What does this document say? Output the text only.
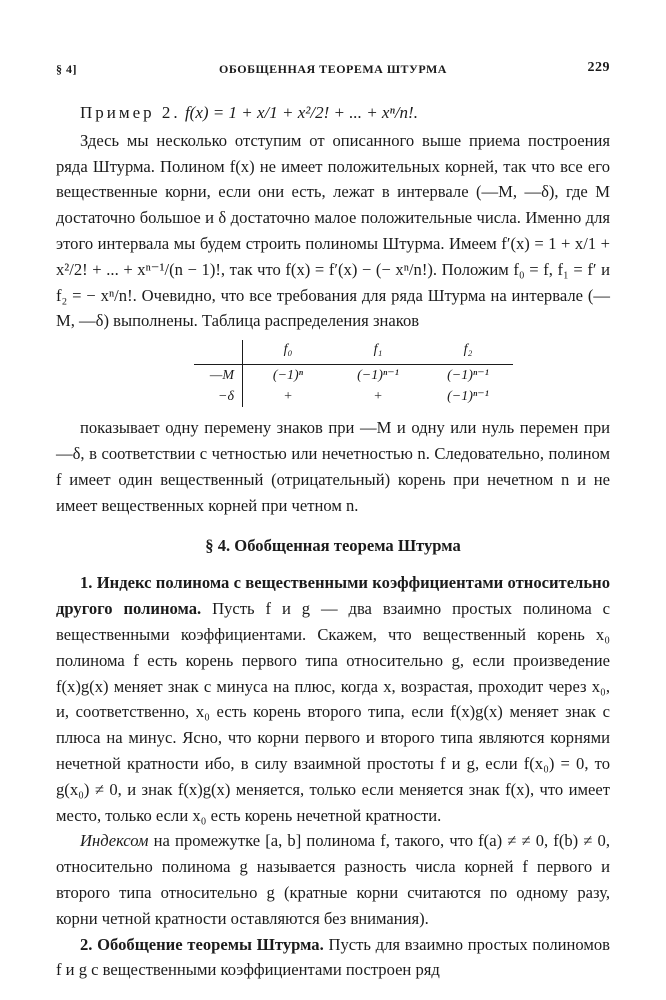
§ 4]	ОБОБЩЕННАЯ ТЕОРЕМА ШТУРМА	229

Пример 2. f(x) = 1 + x/1 + x²/2! + ... + xⁿ/n!.

Здесь мы несколько отступим от описанного выше приема построения ряда Штурма. Полином f(x) не имеет положительных корней, так что все его вещественные корни, если они есть, лежат в интервале (—M, —δ), где M достаточно большое и δ достаточно малое положительные числа. Именно для этого интервала мы будем строить полиномы Штурма. Имеем f′(x) = 1 + x/1 + x²/2! + ... + xⁿ⁻¹/(n − 1)!, так что f(x) = f′(x) − (− xⁿ/n!). Положим f₀ = f, f₁ = f′ и f₂ = − xⁿ/n!. Очевидно, что все требования для ряда Штурма на интервале (—M, —δ) выполнены. Таблица распределения знаков

	f₀	f₁	f₂
—M	(−1)ⁿ	(−1)ⁿ⁻¹	(−1)ⁿ⁻¹
−δ	+	+	(−1)ⁿ⁻¹

показывает одну перемену знаков при —M и одну или нуль перемен при —δ, в соответствии с четностью или нечетностью n. Следовательно, полином f имеет один вещественный (отрицательный) корень при нечетном n и не имеет вещественных корней при четном n.

§ 4. Обобщенная теорема Штурма

1. Индекс полинома с вещественными коэффициентами относительно другого полинома. Пусть f и g — два взаимно простых полинома с вещественными коэффициентами. Скажем, что вещественный корень x₀ полинома f есть корень первого типа относительно g, если произведение f(x)g(x) меняет знак с минуса на плюс, когда x, возрастая, проходит через x₀, и, соответственно, x₀ есть корень второго типа, если f(x)g(x) меняет знак с плюса на минус. Ясно, что корни первого и второго типа являются корнями нечетной кратности ибо, в силу взаимной простоты f и g, если f(x₀) = 0, то g(x₀) ≠ 0, и знак f(x)g(x) меняется, только если меняется знак f(x), что имеет место, только если x₀ есть корень нечетной кратности.

Индексом на промежутке [a, b] полинома f, такого, что f(a) ≠ ≠ 0, f(b) ≠ 0, относительно полинома g называется разность числа корней f первого и второго типа относительно g (кратные корни считаются по одному разу, корни четной кратности оставляются без внимания).

2. Обобщение теоремы Штурма. Пусть для взаимно простых полиномов f и g с вещественными коэффициентами построен ряд
